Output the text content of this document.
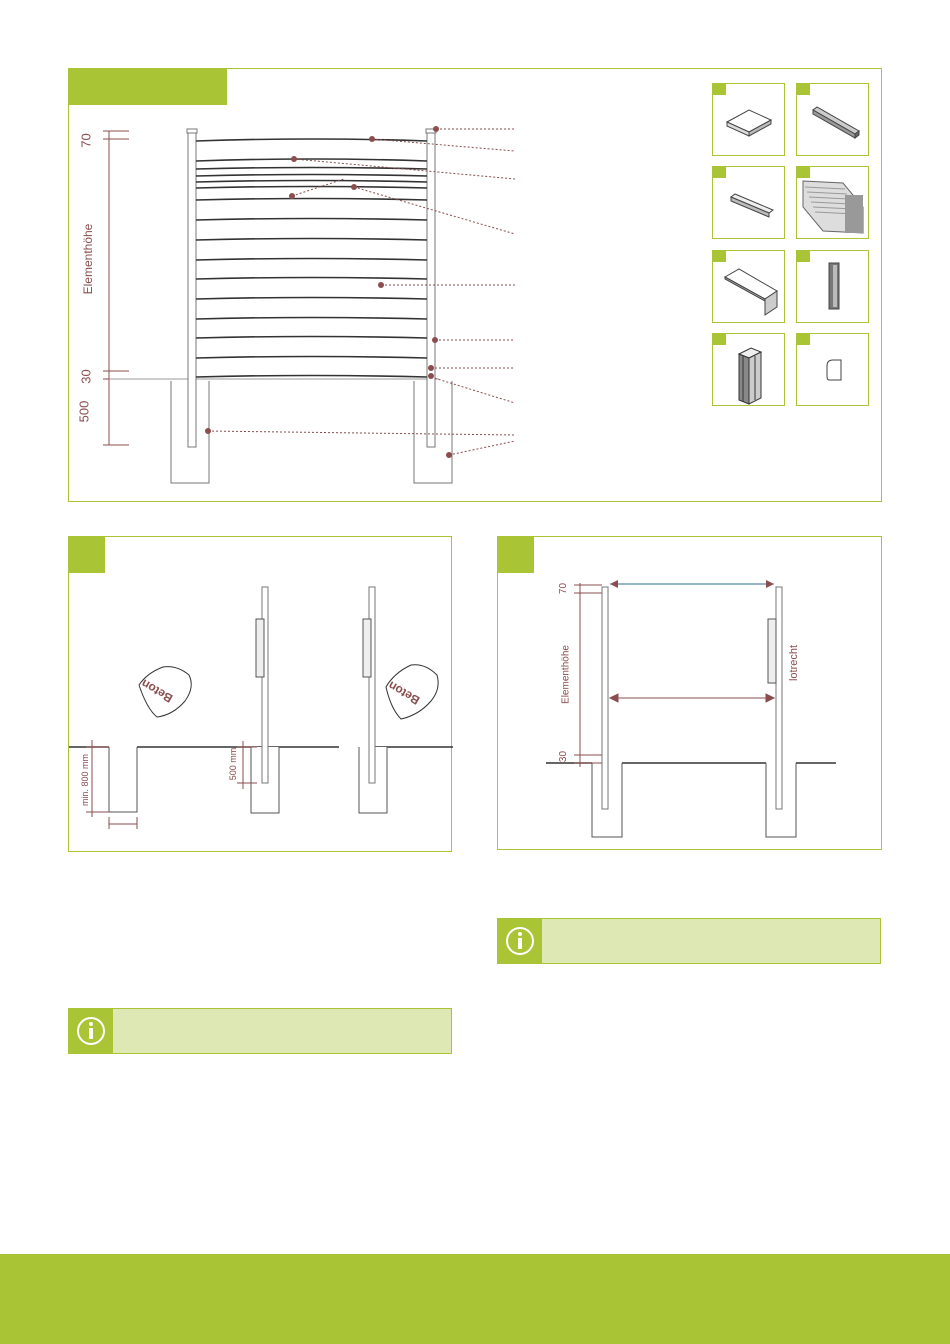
70
Elementhöhe
30
500
Beton	Beton
min. 800 mm	500 mm
70
Elementhöhe
30
lotrecht
